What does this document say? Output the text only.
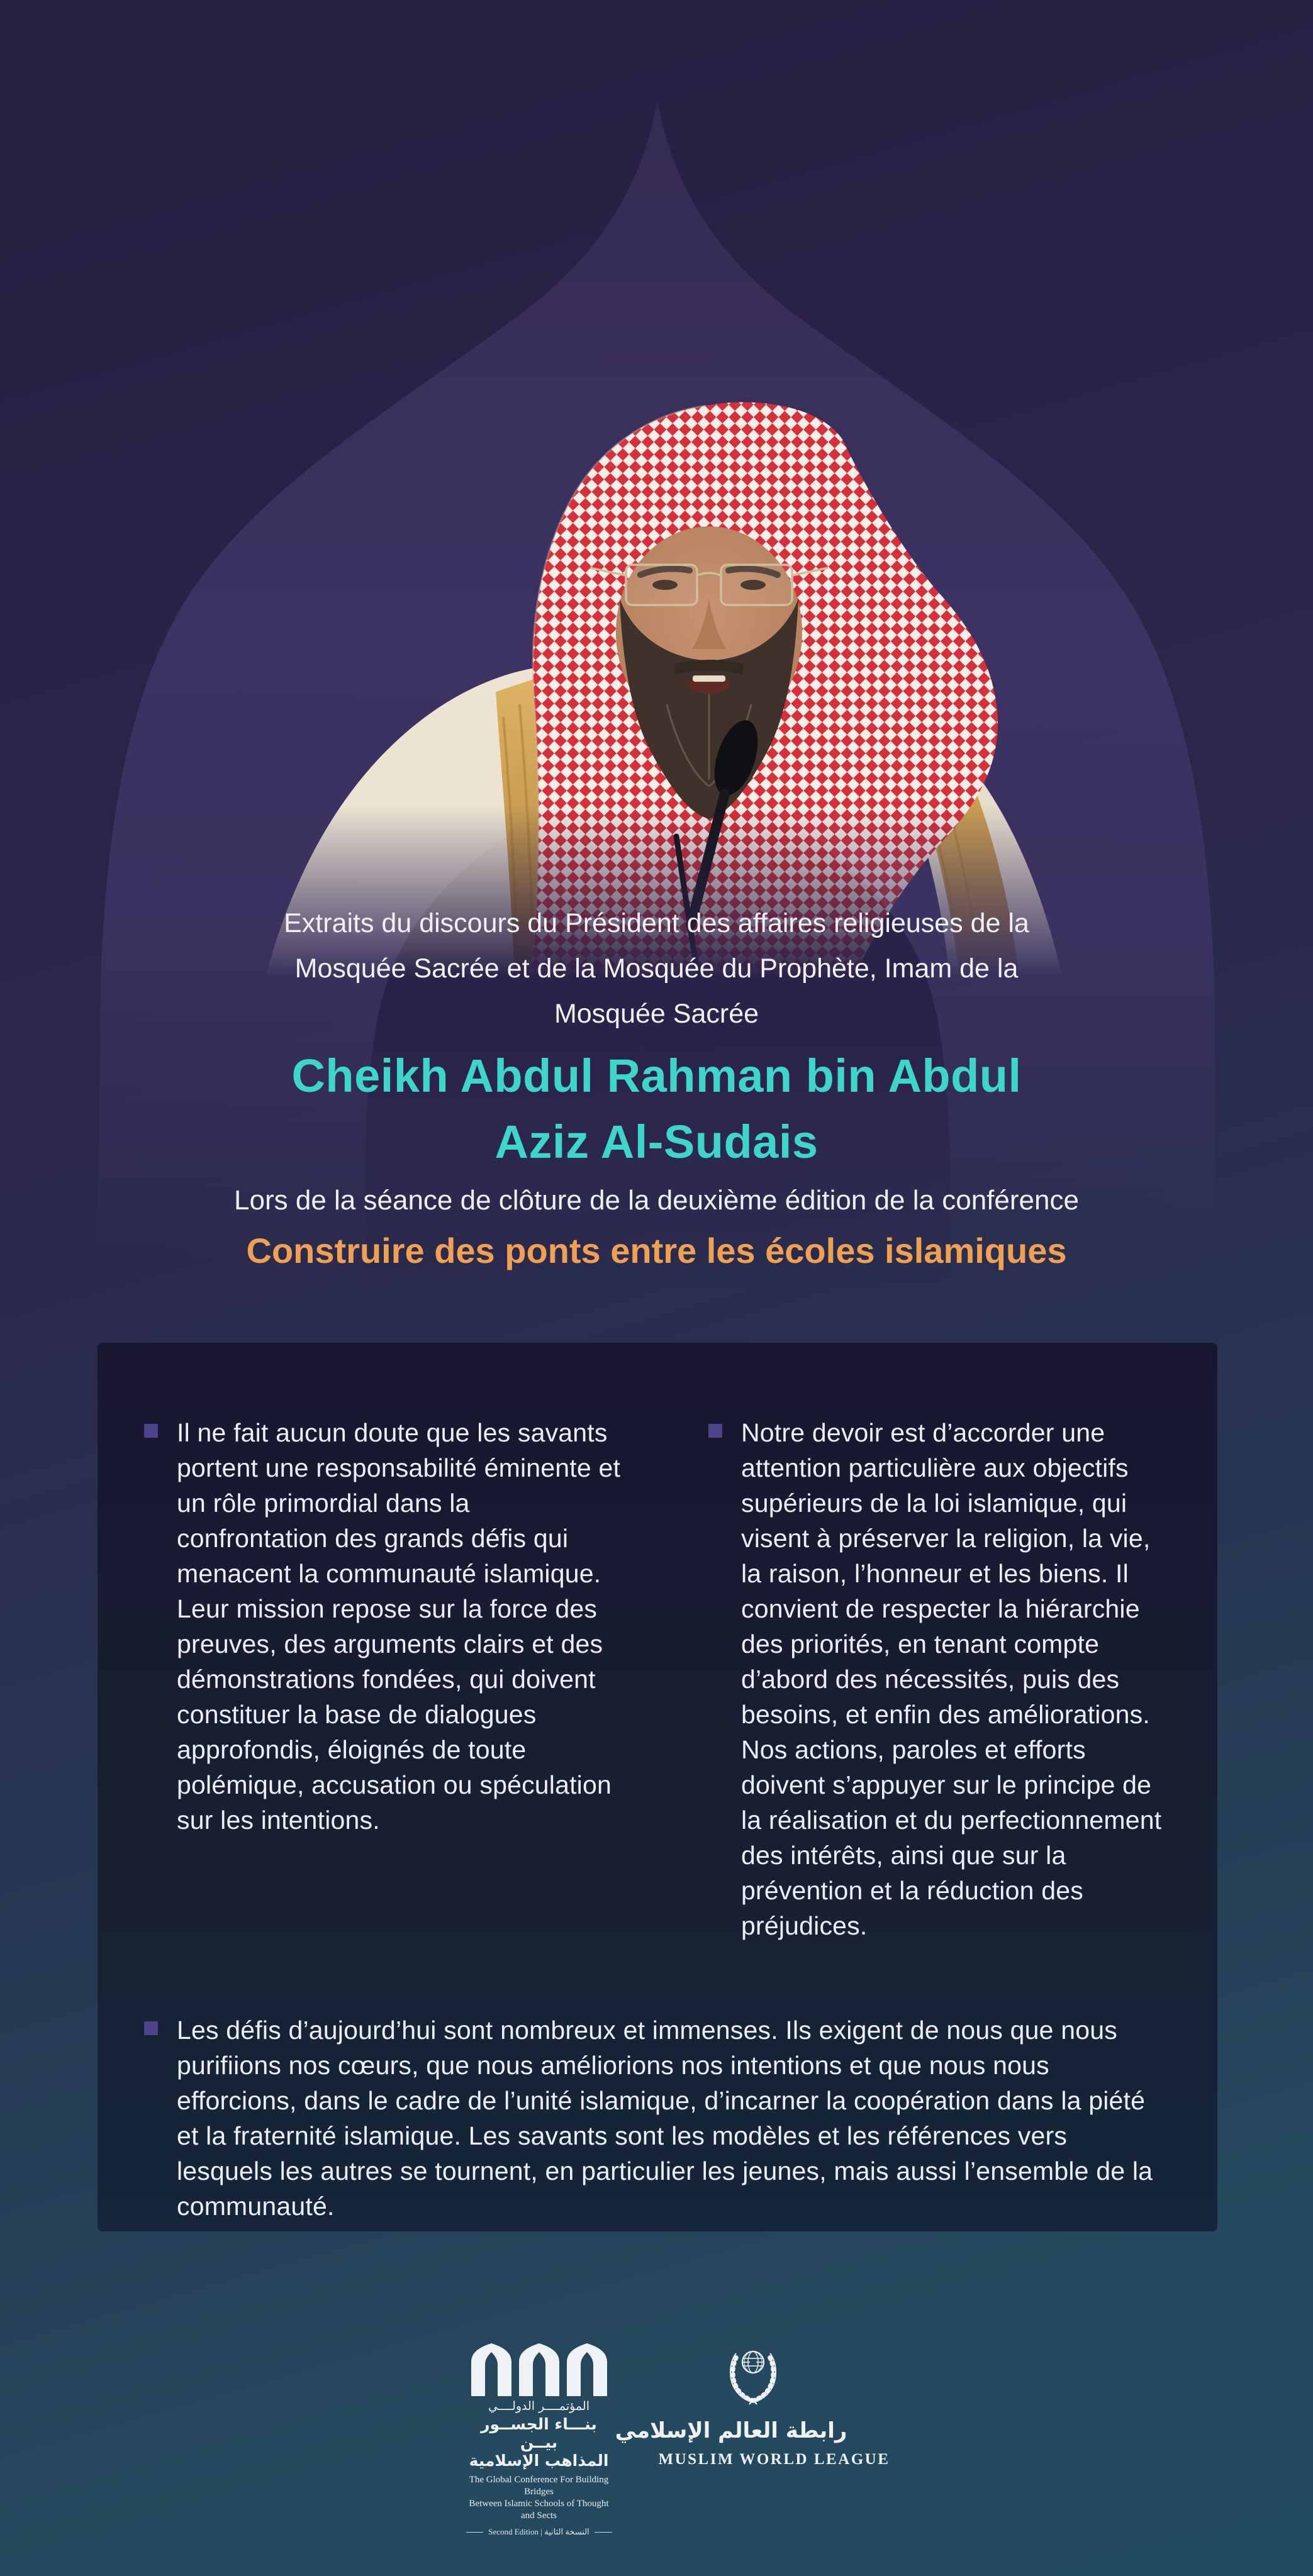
Extraits du discours du Président des affaires religieuses de la Mosquée Sacrée et de la Mosquée du Prophète, Imam de la Mosquée Sacrée

Cheikh Abdul Rahman bin Abdul Aziz Al-Sudais

Lors de la séance de clôture de la deuxième édition de la conférence

Construire des ponts entre les écoles islamiques
Il ne fait aucun doute que les savants portent une responsabilité éminente et un rôle primordial dans la confrontation des grands défis qui menacent la communauté islamique. Leur mission repose sur la force des preuves, des arguments clairs et des démonstrations fondées, qui doivent constituer la base de dialogues approfondis, éloignés de toute polémique, accusation ou spéculation sur les intentions.
Notre devoir est d’accorder une attention particulière aux objectifs supérieurs de la loi islamique, qui visent à préserver la religion, la vie, la raison, l’honneur et les biens. Il convient de respecter la hiérarchie des priorités, en tenant compte d’abord des nécessités, puis des besoins, et enfin des améliorations. Nos actions, paroles et efforts doivent s’appuyer sur le principe de la réalisation et du perfectionnement des intérêts, ainsi que sur la prévention et la réduction des préjudices.
Les défis d’aujourd’hui sont nombreux et immenses. Ils exigent de nous que nous purifiions nos cœurs, que nous améliorions nos intentions et que nous nous efforcions, dans le cadre de l’unité islamique, d’incarner la coopération dans la piété et la fraternité islamique. Les savants sont les modèles et les références vers lesquels les autres se tournent, en particulier les jeunes, mais aussi l’ensemble de la communauté.
المؤتمــــر الدولــــي
بنـــاء الجســور بيــن
المذاهب الإسلامية
The Global Conference For Building Bridges
Between Islamic Schools of Thought and Sects
Second Edition | النسخة الثانية
رابطة العالم الإسلامي
MUSLIM WORLD LEAGUE
